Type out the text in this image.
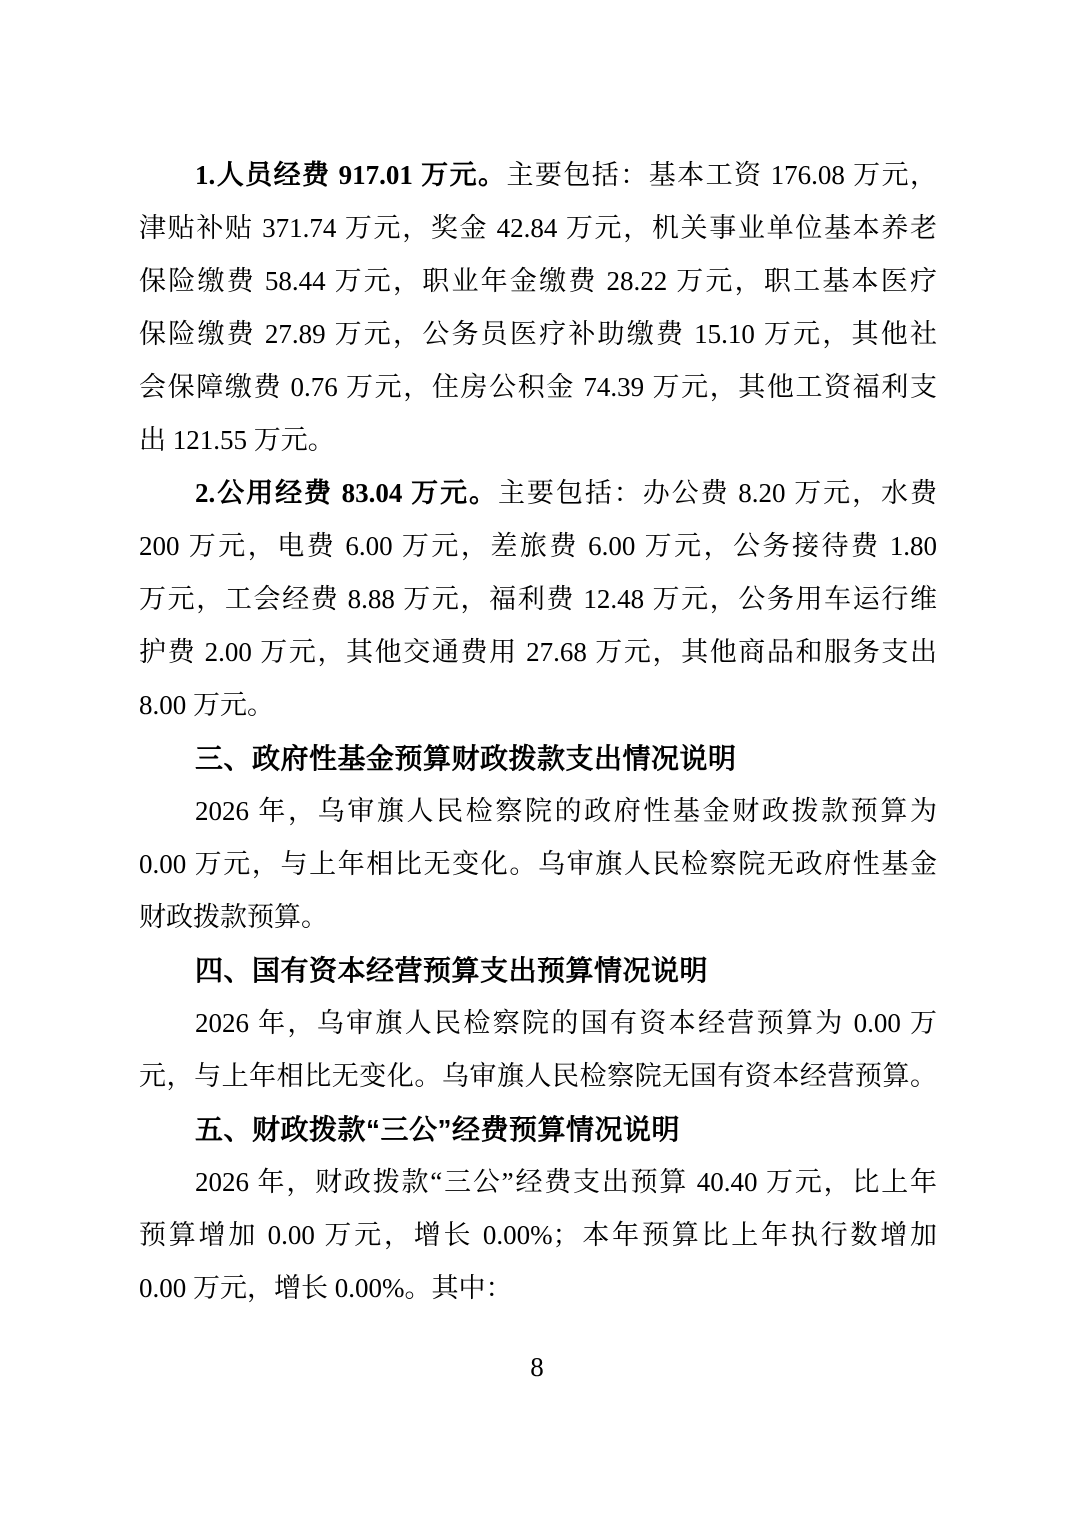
1.人员经费 917.01 万元。主要包括：基本工资 176.08 万元，
津贴补贴 371.74 万元，奖金 42.84 万元，机关事业单位基本养老
保险缴费 58.44 万元，职业年金缴费 28.22 万元，职工基本医疗
保险缴费 27.89 万元，公务员医疗补助缴费 15.10 万元，其他社
会保障缴费 0.76 万元，住房公积金 74.39 万元，其他工资福利支
出 121.55 万元。
2.公用经费 83.04 万元。主要包括：办公费 8.20 万元，水费
200 万元，电费 6.00 万元，差旅费 6.00 万元，公务接待费 1.80
万元，工会经费 8.88 万元，福利费 12.48 万元，公务用车运行维
护费 2.00 万元，其他交通费用 27.68 万元，其他商品和服务支出
8.00 万元。
三、政府性基金预算财政拨款支出情况说明
2026 年，乌审旗人民检察院的政府性基金财政拨款预算为
0.00 万元，与上年相比无变化。乌审旗人民检察院无政府性基金
财政拨款预算。
四、国有资本经营预算支出预算情况说明
2026 年，乌审旗人民检察院的国有资本经营预算为 0.00 万
元，与上年相比无变化。乌审旗人民检察院无国有资本经营预算。
五、财政拨款“三公”经费预算情况说明
2026 年，财政拨款“三公”经费支出预算 40.40 万元，比上年
预算增加 0.00 万元，增长 0.00%；本年预算比上年执行数增加
0.00 万元，增长 0.00%。其中：
8
